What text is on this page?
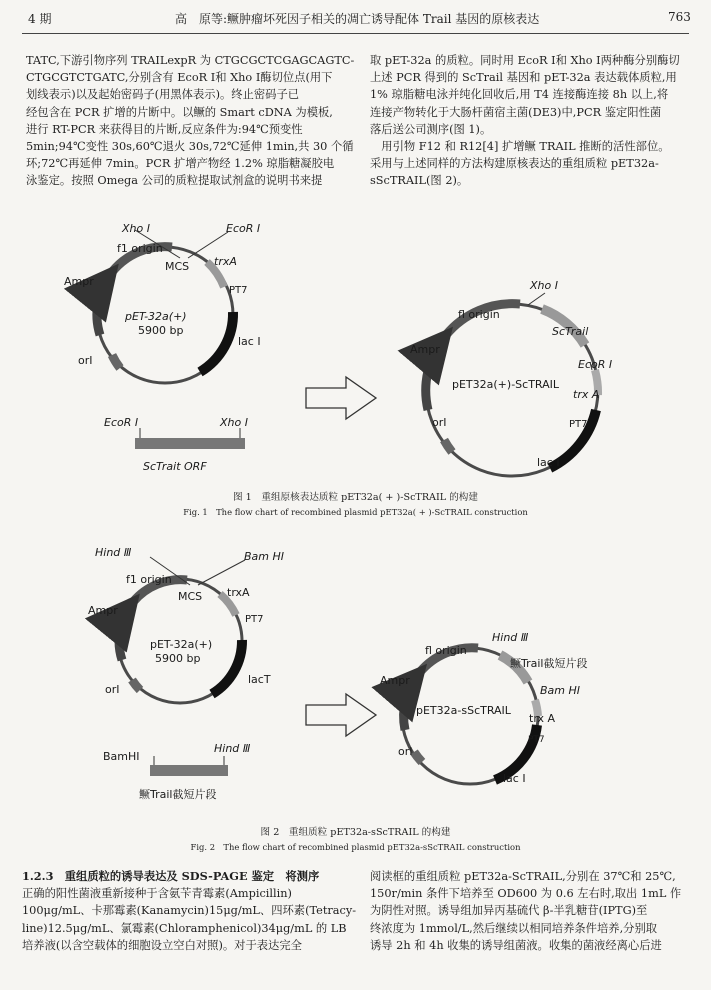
4 期	高　原等:鳜肿瘤坏死因子相关的凋亡诱导配体 Trail 基因的原核表达	763

TATC,下游引物序列 TRAILexpR 为 CTGCGCTCGAGCAGTC-

CTGCGTCTGATC,分别含有 EcoR Ⅰ和 Xho Ⅰ酶切位点(用下

划线表示)以及起始密码子(用黑体表示)。终止密码子已

经包含在 PCR 扩增的片断中。以鳜的 Smart cDNA 为模板,

进行 RT-PCR 来获得目的片断,反应条件为:94℃预变性

5min;94℃变性 30s,60℃退火 30s,72℃延伸 1min,共 30 个循

环;72℃再延伸 7min。PCR 扩增产物经 1.2% 琼脂糖凝胶电

泳鉴定。按照 Omega 公司的质粒提取试剂盒的说明书来提

取 pET-32a 的质粒。同时用 EcoR Ⅰ和 Xho Ⅰ两种酶分别酶切

上述 PCR 得到的 ScTrail 基因和 pET-32a 表达载体质粒,用

1% 琼脂糖电泳并纯化回收后,用 T4 连接酶连接 8h 以上,将

连接产物转化于大肠杆菌宿主菌(DE3)中,PCR 鉴定阳性菌

落后送公司测序(图 1)。

　用引物 F12 和 R12[4] 扩增鳜 TRAIL 推断的活性部位。

采用与上述同样的方法构建原核表达的重组质粒 pET32a-

sScTRAIL(图 2)。

Xho Ⅰ	EcoR Ⅰ
f1 origin
MCS trxA
Ampr
PT7
pET-32a(+)
5900 bp
lac Ⅰ
orI
EcoR Ⅰ	Xho Ⅰ
ScTrait ORF
fl origin
Xho Ⅰ
ScTrail
Ampr
pET32a(+)-ScTRAIL
EcoR Ⅰ
trx A
PT7
orI
lac Ⅰ
Hind Ⅲ	Bam HI
f1 origin
MCS trxA
Ampr
PT7
pET-32a(+)
5900 bp
lacT
orI
BamHI
Hind Ⅲ
鳜Trail截短片段
fl origin
Hind Ⅲ
鳜Trail截短片段
Ampr
Bam HI
pET32a-sScTRAIL
trx A
PT7
orI
lac Ⅰ
图 1　重组原核表达质粒 pET32a( + )-ScTRAIL 的构建
Fig. 1　The flow chart of recombined plasmid pET32a( + )-ScTRAIL construction
图 2　重组质粒 pET32a-sScTRAIL 的构建
Fig. 2　The flow chart of recombined plasmid pET32a-sScTRAIL construction
1.2.3　重组质粒的诱导表达及 SDS-PAGE 鉴定　将测序
正确的阳性菌液重新接种于含氨苄青霉素(Ampicillin)
100μg/mL、卡那霉素(Kanamycin)15μg/mL、四环素(Tetracy-
line)12.5μg/mL、氯霉素(Chloramphenicol)34μg/mL 的 LB
培养液(以含空载体的细胞设立空白对照)。对于表达完全
阅读框的重组质粒 pET32a-ScTRAIL,分别在 37℃和 25℃,
150r/min 条件下培养至 OD600 为 0.6 左右时,取出 1mL 作
为阴性对照。诱导组加异丙基硫代 β-半乳糖苷(IPTG)至
终浓度为 1mmol/L,然后继续以相同培养条件培养,分别取
诱导 2h 和 4h 收集的诱导组菌液。收集的菌液经离心后进
